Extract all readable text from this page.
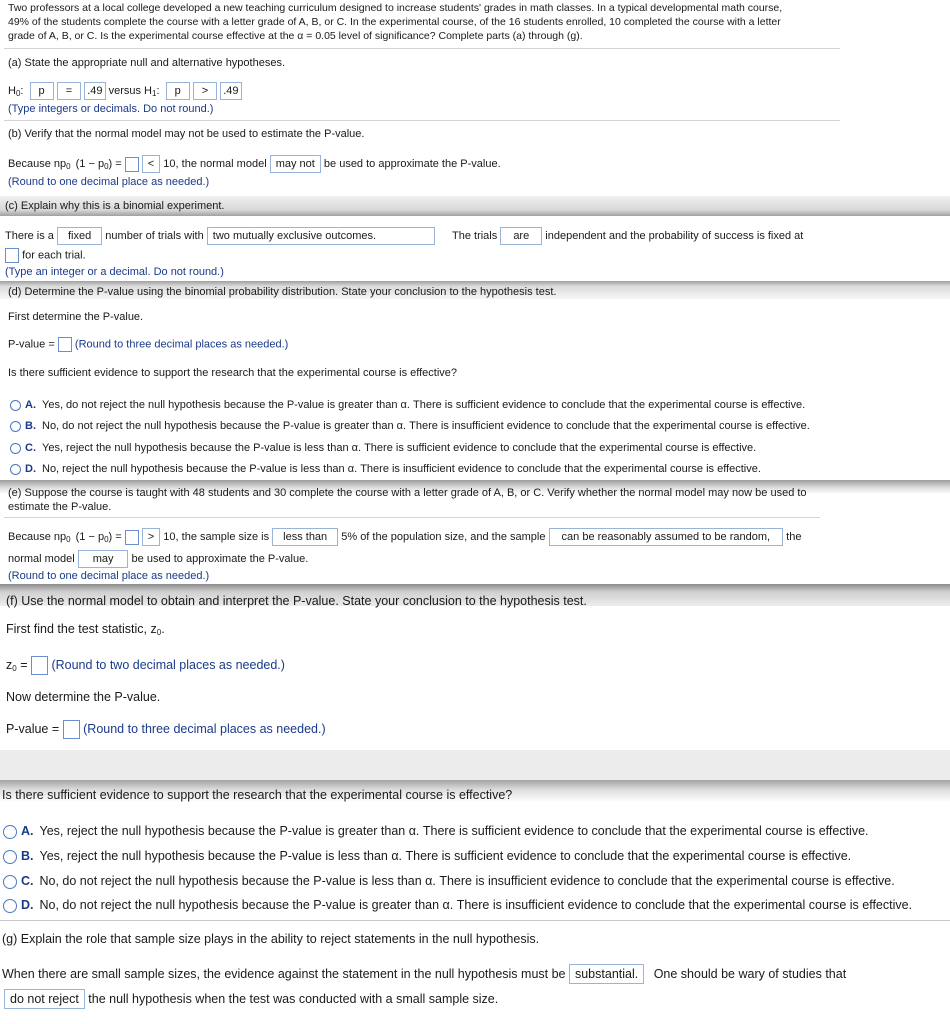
Two professors at a local college developed a new teaching curriculum designed to increase students' grades in math classes. In a typical developmental math course,
49% of the students complete the course with a letter grade of A, B, or C. In the experimental course, of the 16 students enrolled, 10 completed the course with a letter
grade of A, B, or C. Is the experimental course effective at the α = 0.05 level of significance? Complete parts (a) through (g).
(a) State the appropriate null and alternative hypotheses.
$H_0$: p = .49 versus $H_1$: p > .49
(Type integers or decimals. Do not round.)
(b) Verify that the normal model may not be used to estimate the P-value.
Because $np_0$ $(1 - p_0)$ = < 10, the normal model may not be used to approximate the P-value.
(Round to one decimal place as needed.)
(c) Explain why this is a binomial experiment.
There is a fixed number of trials with two mutually exclusive outcomes.	The trials are independent and the probability of success is fixed at
for each trial.
(Type an integer or a decimal. Do not round.)
(d) Determine the P-value using the binomial probability distribution. State your conclusion to the hypothesis test.
First determine the P-value.
P-value = (Round to three decimal places as needed.)
Is there sufficient evidence to support the research that the experimental course is effective?
A. Yes, do not reject the null hypothesis because the P-value is greater than α. There is sufficient evidence to conclude that the experimental course is effective.
B. No, do not reject the null hypothesis because the P-value is greater than α. There is insufficient evidence to conclude that the experimental course is effective.
C. Yes, reject the null hypothesis because the P-value is less than α. There is sufficient evidence to conclude that the experimental course is effective.
D. No, reject the null hypothesis because the P-value is less than α. There is insufficient evidence to conclude that the experimental course is effective.
(e) Suppose the course is taught with 48 students and 30 complete the course with a letter grade of A, B, or C. Verify whether the normal model may now be used to
estimate the P-value.
Because $np_0$ $(1 - p_0)$ = > 10, the sample size is less than 5% of the population size, and the sample can be reasonably assumed to be random, the
normal model may be used to approximate the P-value.
(Round to one decimal place as needed.)
(f) Use the normal model to obtain and interpret the P-value. State your conclusion to the hypothesis test.
First find the test statistic, $z_0$.
$z_0$ = (Round to two decimal places as needed.)
Now determine the P-value.
P-value = (Round to three decimal places as needed.)
Is there sufficient evidence to support the research that the experimental course is effective?
A. Yes, reject the null hypothesis because the P-value is greater than α. There is sufficient evidence to conclude that the experimental course is effective.
B. Yes, reject the null hypothesis because the P-value is less than α. There is sufficient evidence to conclude that the experimental course is effective.
C. No, do not reject the null hypothesis because the P-value is less than α. There is insufficient evidence to conclude that the experimental course is effective.
D. No, do not reject the null hypothesis because the P-value is greater than α. There is insufficient evidence to conclude that the experimental course is effective.
(g) Explain the role that sample size plays in the ability to reject statements in the null hypothesis.
When there are small sample sizes, the evidence against the statement in the null hypothesis must be substantial. One should be wary of studies that
do not reject the null hypothesis when the test was conducted with a small sample size.
